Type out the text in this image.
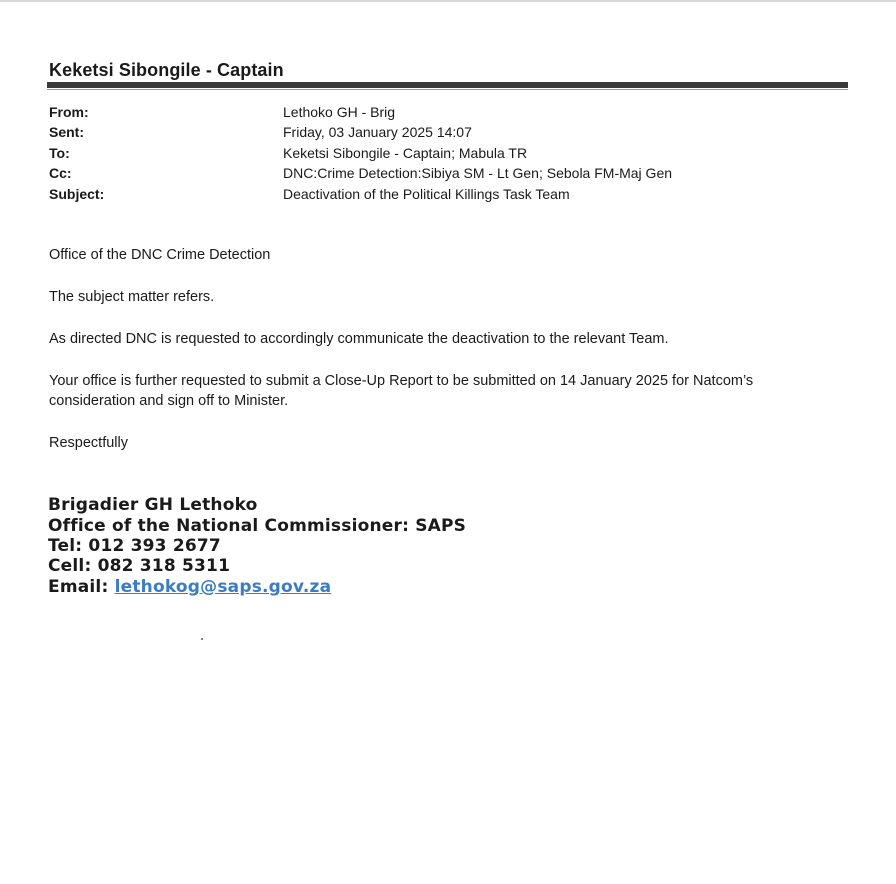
Keketsi Sibongile - Captain
From:	Lethoko GH - Brig
Sent:	Friday, 03 January 2025 14:07
To:	Keketsi Sibongile - Captain; Mabula TR
Cc:	DNC:Crime Detection:Sibiya SM - Lt Gen; Sebola FM-Maj Gen
Subject:	Deactivation of the Political Killings Task Team
Office of the DNC Crime Detection
The subject matter refers.
As directed DNC is requested to accordingly communicate the deactivation to the relevant Team.
Your office is further requested to submit a Close-Up Report to be submitted on 14 January 2025 for Natcom’s
consideration and sign off to Minister.
Respectfully
Brigadier GH Lethoko
Office of the National Commissioner: SAPS
Tel: 012 393 2677
Cell: 082 318 5311
Email: lethokog@saps.gov.za
